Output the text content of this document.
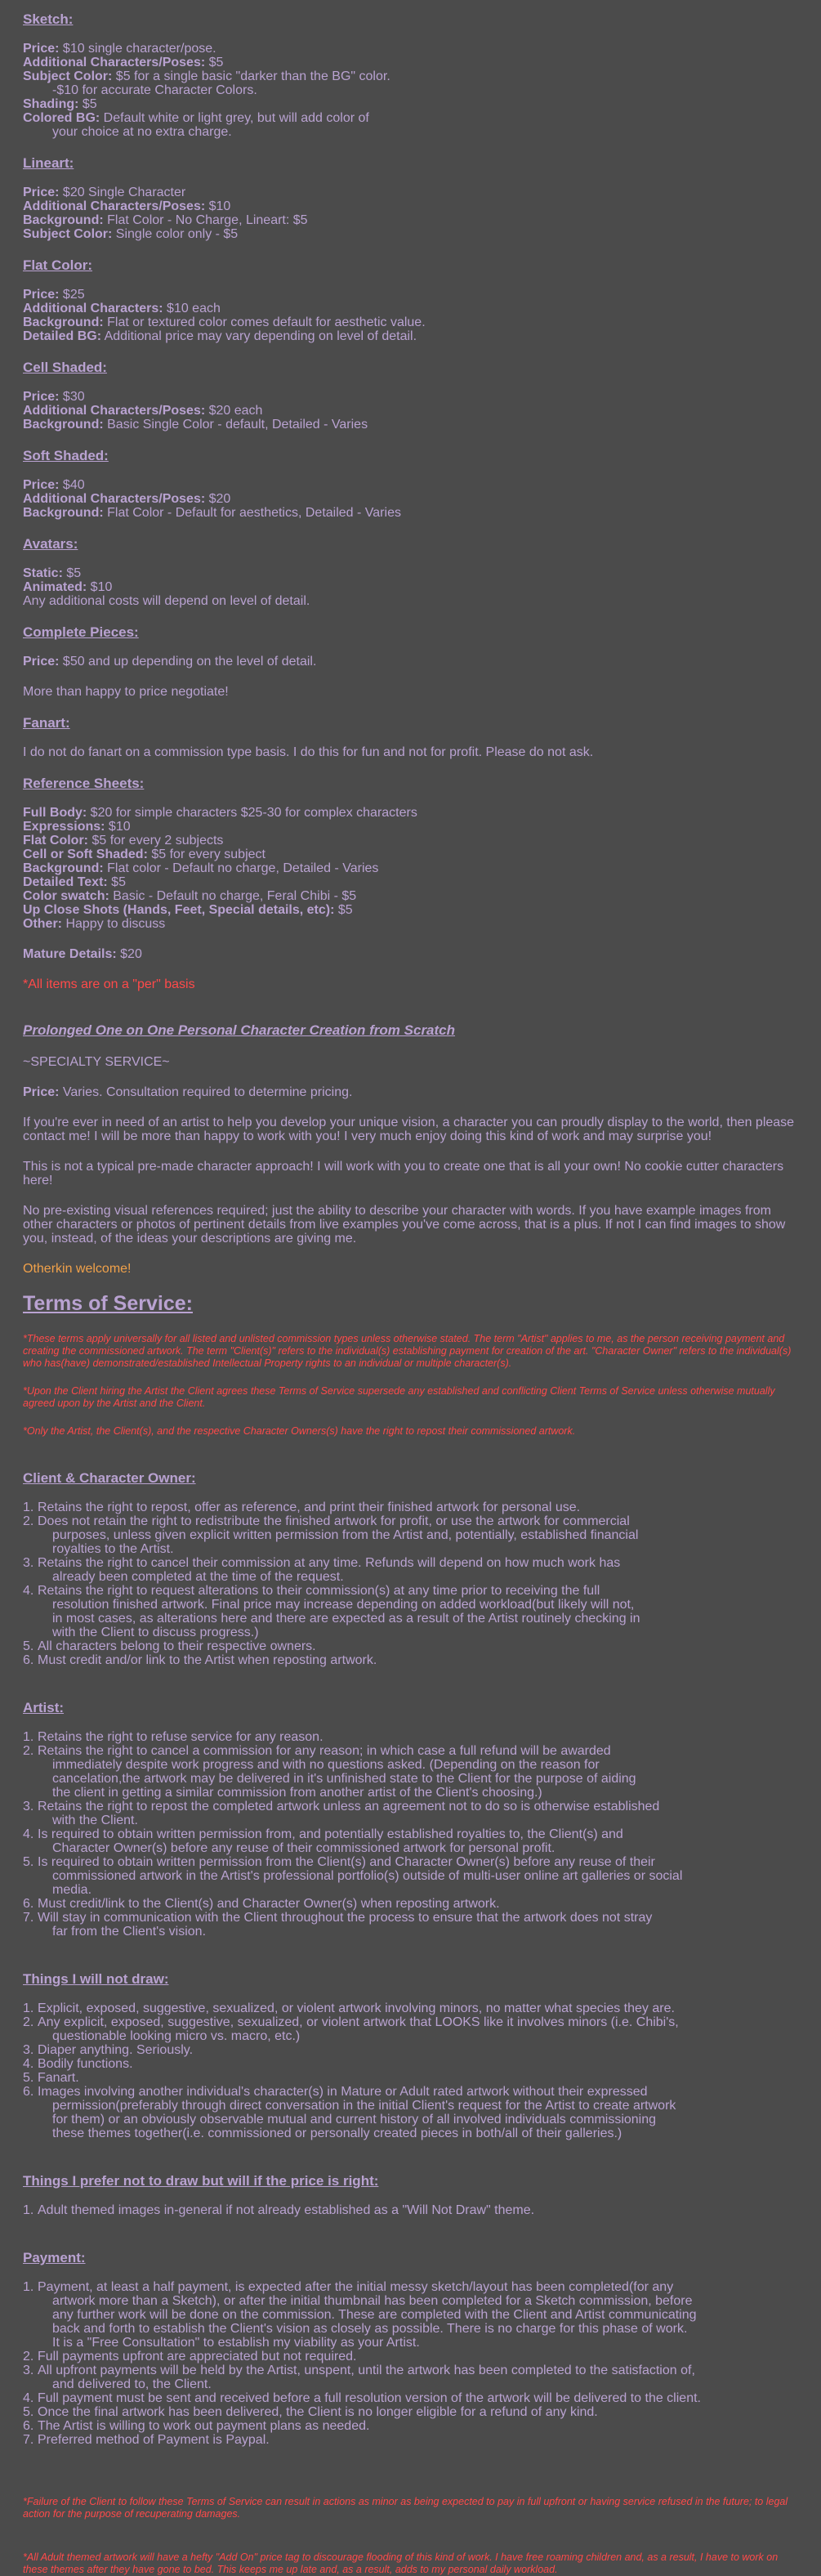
Sketch:

Price: $10 single character/pose.

Additional Characters/Poses: $5

Subject Color: $5 for a single basic "darker than the BG" color.

-$10 for accurate Character Colors.

Shading: $5

Colored BG: Default white or light grey, but will add color of

your choice at no extra charge.

Lineart:

Price: $20 Single Character

Additional Characters/Poses: $10

Background: Flat Color - No Charge, Lineart: $5

Subject Color: Single color only - $5

Flat Color:

Price: $25

Additional Characters: $10 each

Background: Flat or textured color comes default for aesthetic value.

Detailed BG: Additional price may vary depending on level of detail.

Cell Shaded:

Price: $30

Additional Characters/Poses: $20 each

Background: Basic Single Color - default, Detailed - Varies

Soft Shaded:

Price: $40

Additional Characters/Poses: $20

Background: Flat Color - Default for aesthetics, Detailed - Varies

Avatars:

Static: $5

Animated: $10

Any additional costs will depend on level of detail.

Complete Pieces:

Price: $50 and up depending on the level of detail.

More than happy to price negotiate!

Fanart:

I do not do fanart on a commission type basis. I do this for fun and not for profit. Please do not ask.

Reference Sheets:

Full Body: $20 for simple characters $25-30 for complex characters

Expressions: $10

Flat Color: $5 for every 2 subjects

Cell or Soft Shaded: $5 for every subject

Background: Flat color - Default no charge, Detailed - Varies

Detailed Text: $5

Color swatch: Basic - Default no charge, Feral Chibi - $5

Up Close Shots (Hands, Feet, Special details, etc): $5

Other: Happy to discuss

Mature Details: $20

*All items are on a "per" basis

Prolonged One on One Personal Character Creation from Scratch

~SPECIALTY SERVICE~

Price: Varies. Consultation required to determine pricing.

If you're ever in need of an artist to help you develop your unique vision, a character you can proudly display to the world, then please contact me! I will be more than happy to work with you! I very much enjoy doing this kind of work and may surprise you!

This is not a typical pre-made character approach! I will work with you to create one that is all your own! No cookie cutter characters here!

No pre-existing visual references required; just the ability to describe your character with words. If you have example images from other characters or photos of pertinent details from live examples you've come across, that is a plus. If not I can find images to show you, instead, of the ideas your descriptions are giving me.

Otherkin welcome!

Terms of Service:

*These terms apply universally for all listed and unlisted commission types unless otherwise stated. The term "Artist" applies to me, as the person receiving payment and creating the commissioned artwork. The term "Client(s)" refers to the individual(s) establishing payment for creation of the art. "Character Owner" refers to the individual(s) who has(have) demonstrated/established Intellectual Property rights to an individual or multiple character(s).

*Upon the Client hiring the Artist the Client agrees these Terms of Service supersede any established and conflicting Client Terms of Service unless otherwise mutually agreed upon by the Artist and the Client.

*Only the Artist, the Client(s), and the respective Character Owners(s) have the right to repost their commissioned artwork.

Client & Character Owner:
1. Retains the right to repost, offer as reference, and print their finished artwork for personal use.
2. Does not retain the right to redistribute the finished artwork for profit, or use the artwork for commercial
purposes, unless given explicit written permission from the Artist and, potentially, established financial
royalties to the Artist.
3. Retains the right to cancel their commission at any time. Refunds will depend on how much work has
already been completed at the time of the request.
4. Retains the right to request alterations to their commission(s) at any time prior to receiving the full
resolution finished artwork. Final price may increase depending on added workload(but likely will not,
in most cases, as alterations here and there are expected as a result of the Artist routinely checking in
with the Client to discuss progress.)
5. All characters belong to their respective owners.
6. Must credit and/or link to the Artist when reposting artwork.
Artist:
1. Retains the right to refuse service for any reason.
2. Retains the right to cancel a commission for any reason; in which case a full refund will be awarded
immediately despite work progress and with no questions asked. (Depending on the reason for
cancelation,the artwork may be delivered in it's unfinished state to the Client for the purpose of aiding
the client in getting a similar commission from another artist of the Client's choosing.)
3. Retains the right to repost the completed artwork unless an agreement not to do so is otherwise established
with the Client.
4. Is required to obtain written permission from, and potentially established royalties to, the Client(s) and
Character Owner(s) before any reuse of their commissioned artwork for personal profit.
5. Is required to obtain written permission from the Client(s) and Character Owner(s) before any reuse of their
commissioned artwork in the Artist's professional portfolio(s) outside of multi-user online art galleries or social
media.
6. Must credit/link to the Client(s) and Character Owner(s) when reposting artwork.
7. Will stay in communication with the Client throughout the process to ensure that the artwork does not stray
far from the Client's vision.
Things I will not draw:
1. Explicit, exposed, suggestive, sexualized, or violent artwork involving minors, no matter what species they are.
2. Any explicit, exposed, suggestive, sexualized, or violent artwork that LOOKS like it involves minors (i.e. Chibi's,
questionable looking micro vs. macro, etc.)
3. Diaper anything. Seriously.
4. Bodily functions.
5. Fanart.
6. Images involving another individual's character(s) in Mature or Adult rated artwork without their expressed
permission(preferably through direct conversation in the initial Client's request for the Artist to create artwork
for them) or an obviously observable mutual and current history of all involved individuals commissioning
these themes together(i.e. commissioned or personally created pieces in both/all of their galleries.)
Things I prefer not to draw but will if the price is right:
1. Adult themed images in-general if not already established as a "Will Not Draw" theme.
Payment:
1. Payment, at least a half payment, is expected after the initial messy sketch/layout has been completed(for any
artwork more than a Sketch), or after the initial thumbnail has been completed for a Sketch commission, before
any further work will be done on the commission. These are completed with the Client and Artist communicating
back and forth to establish the Client's vision as closely as possible. There is no charge for this phase of work.
It is a "Free Consultation" to establish my viability as your Artist.
2. Full payments upfront are appreciated but not required.
3. All upfront payments will be held by the Artist, unspent, until the artwork has been completed to the satisfaction of,
and delivered to, the Client.
4. Full payment must be sent and received before a full resolution version of the artwork will be delivered to the client.
5. Once the final artwork has been delivered, the Client is no longer eligible for a refund of any kind.
6. The Artist is willing to work out payment plans as needed.
7. Preferred method of Payment is Paypal.

*Failure of the Client to follow these Terms of Service can result in actions as minor as being expected to pay in full upfront or having service refused in the future; to legal action for the purpose of recuperating damages.

*All Adult themed artwork will have a hefty "Add On" price tag to discourage flooding of this kind of work. I have free roaming children and, as a result, I have to work on these themes after they have gone to bed. This keeps me up late and, as a result, adds to my personal daily workload.
